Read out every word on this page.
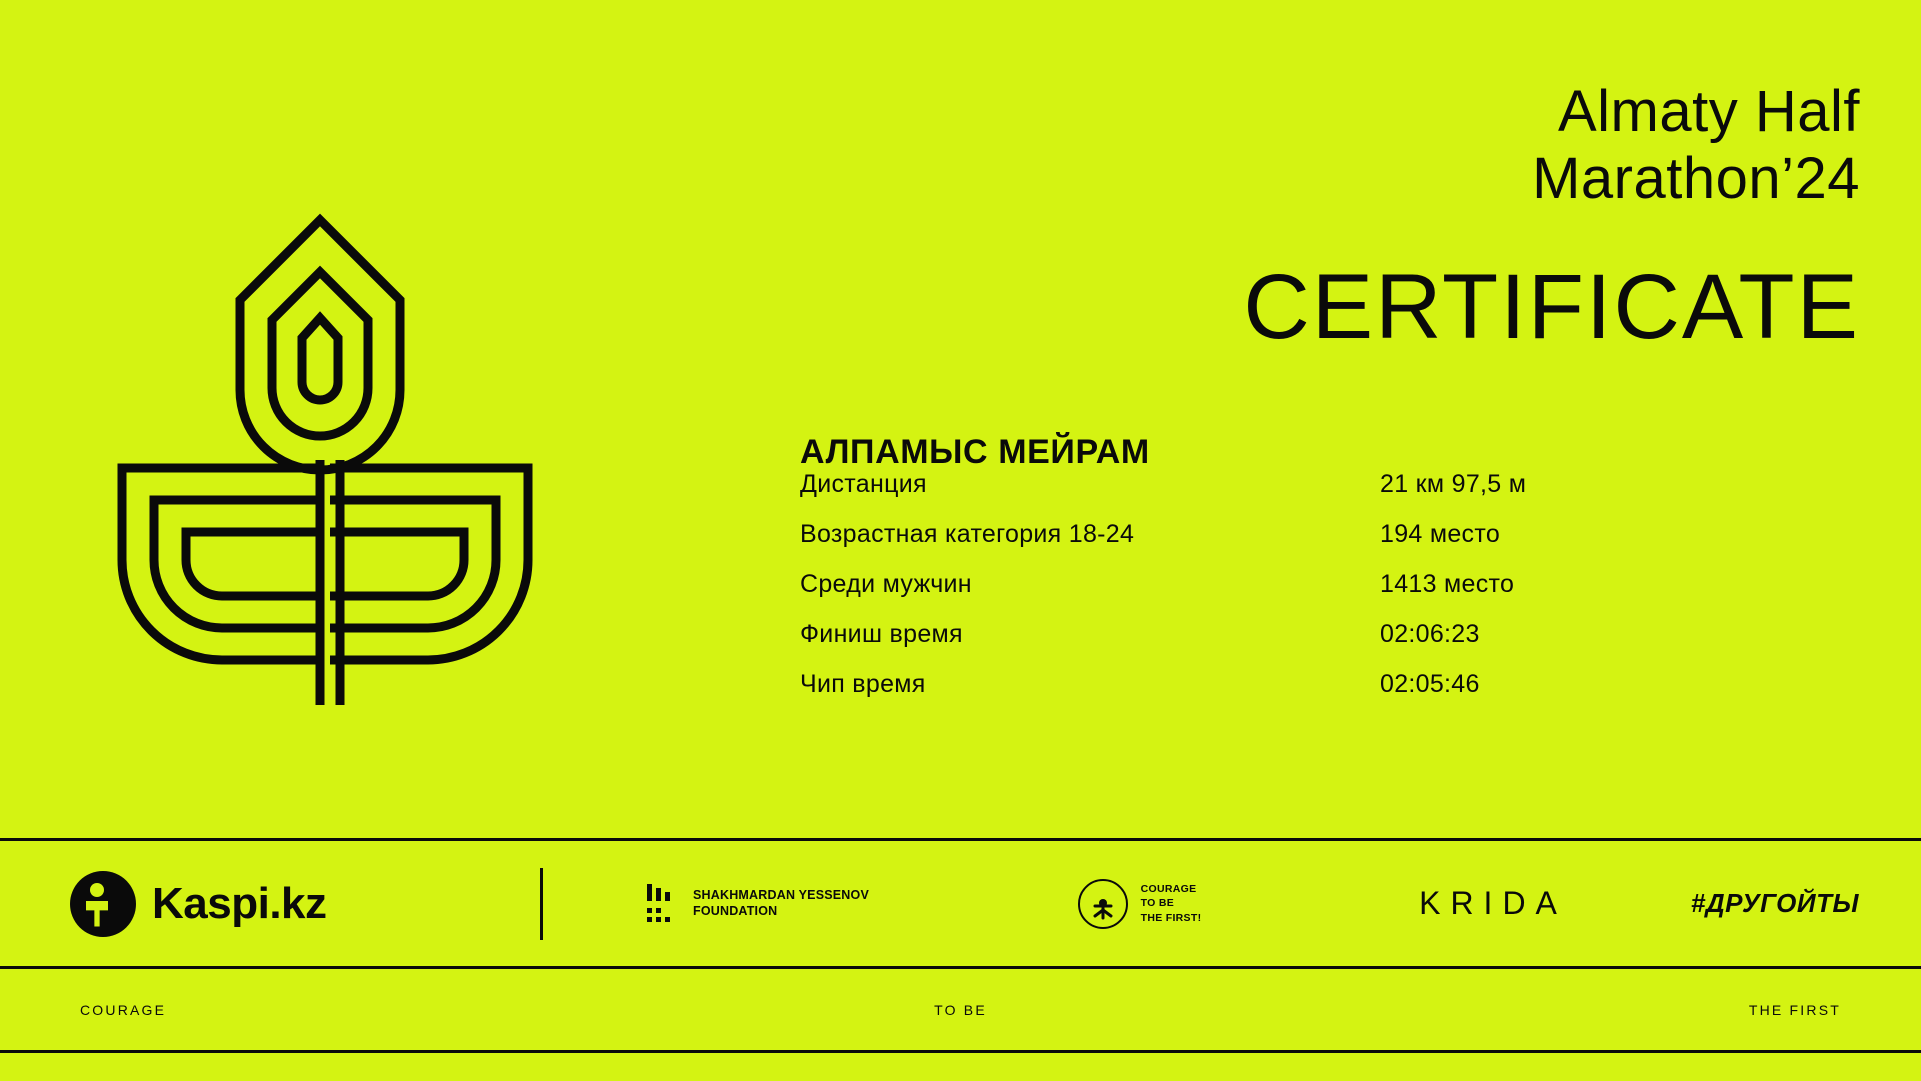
Almaty Half
Marathon’24
CERTIFICATE
АЛПАМЫС МЕЙРАМ
Дистанция	21 км 97,5 м
Возрастная категория 18-24	194 место
Среди мужчин	1413 место
Финиш время	02:06:23
Чип время	02:05:46
Kaspi.kz	SHAKHMARDAN YESSENOV
FOUNDATION
COURAGE
TO BE
THE FIRST!	KRIDA	#ДРУГОЙТЫ
COURAGE	TO BE	THE FIRST
